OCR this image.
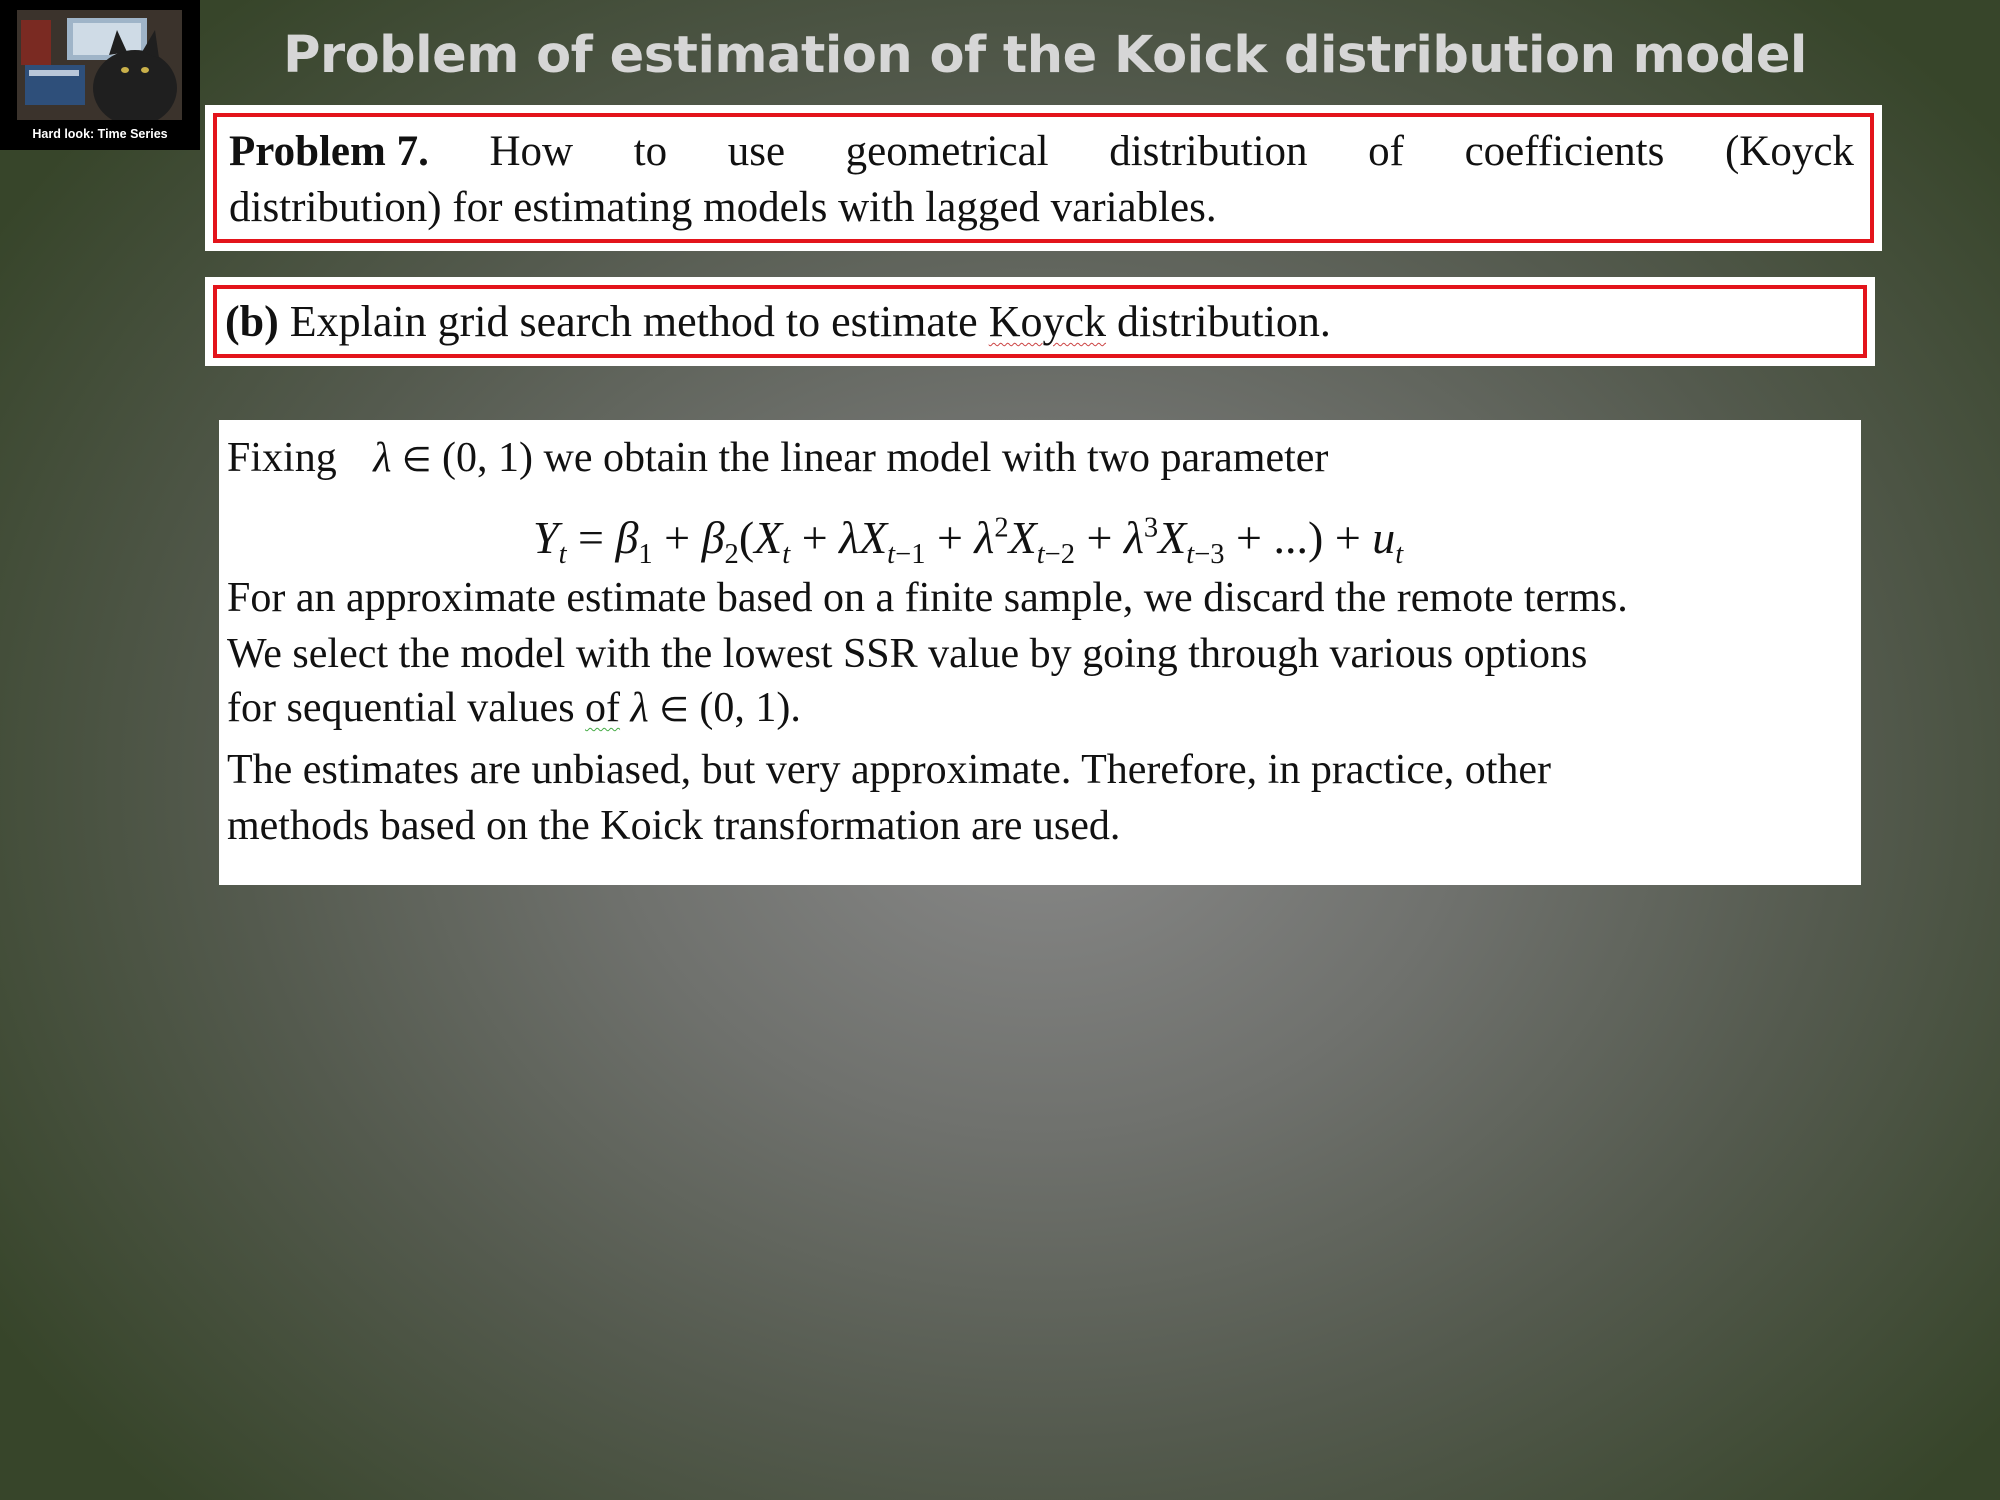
Hard look: Time Series
Problem of estimation of the Koick distribution model
Problem 7. How to use geometrical distribution of coefficients (Koyck
distribution) for estimating models with lagged variables.
(b) Explain grid search method to estimate Koyck distribution.
Fixing λ ∈ (0, 1) we obtain the linear model with two parameter
$Y_t = \beta_1 + \beta_2(X_t + \lambda X_{t-1} + \lambda^2X_{t-2} + \lambda^3X_{t-3}$ + ...) + $u_t$
For an approximate estimate based on a finite sample, we discard the remote terms.
We select the model with the lowest SSR value by going through various options
for sequential values of λ ∈ (0, 1).
The estimates are unbiased, but very approximate. Therefore, in practice, other
methods based on the Koick transformation are used.
